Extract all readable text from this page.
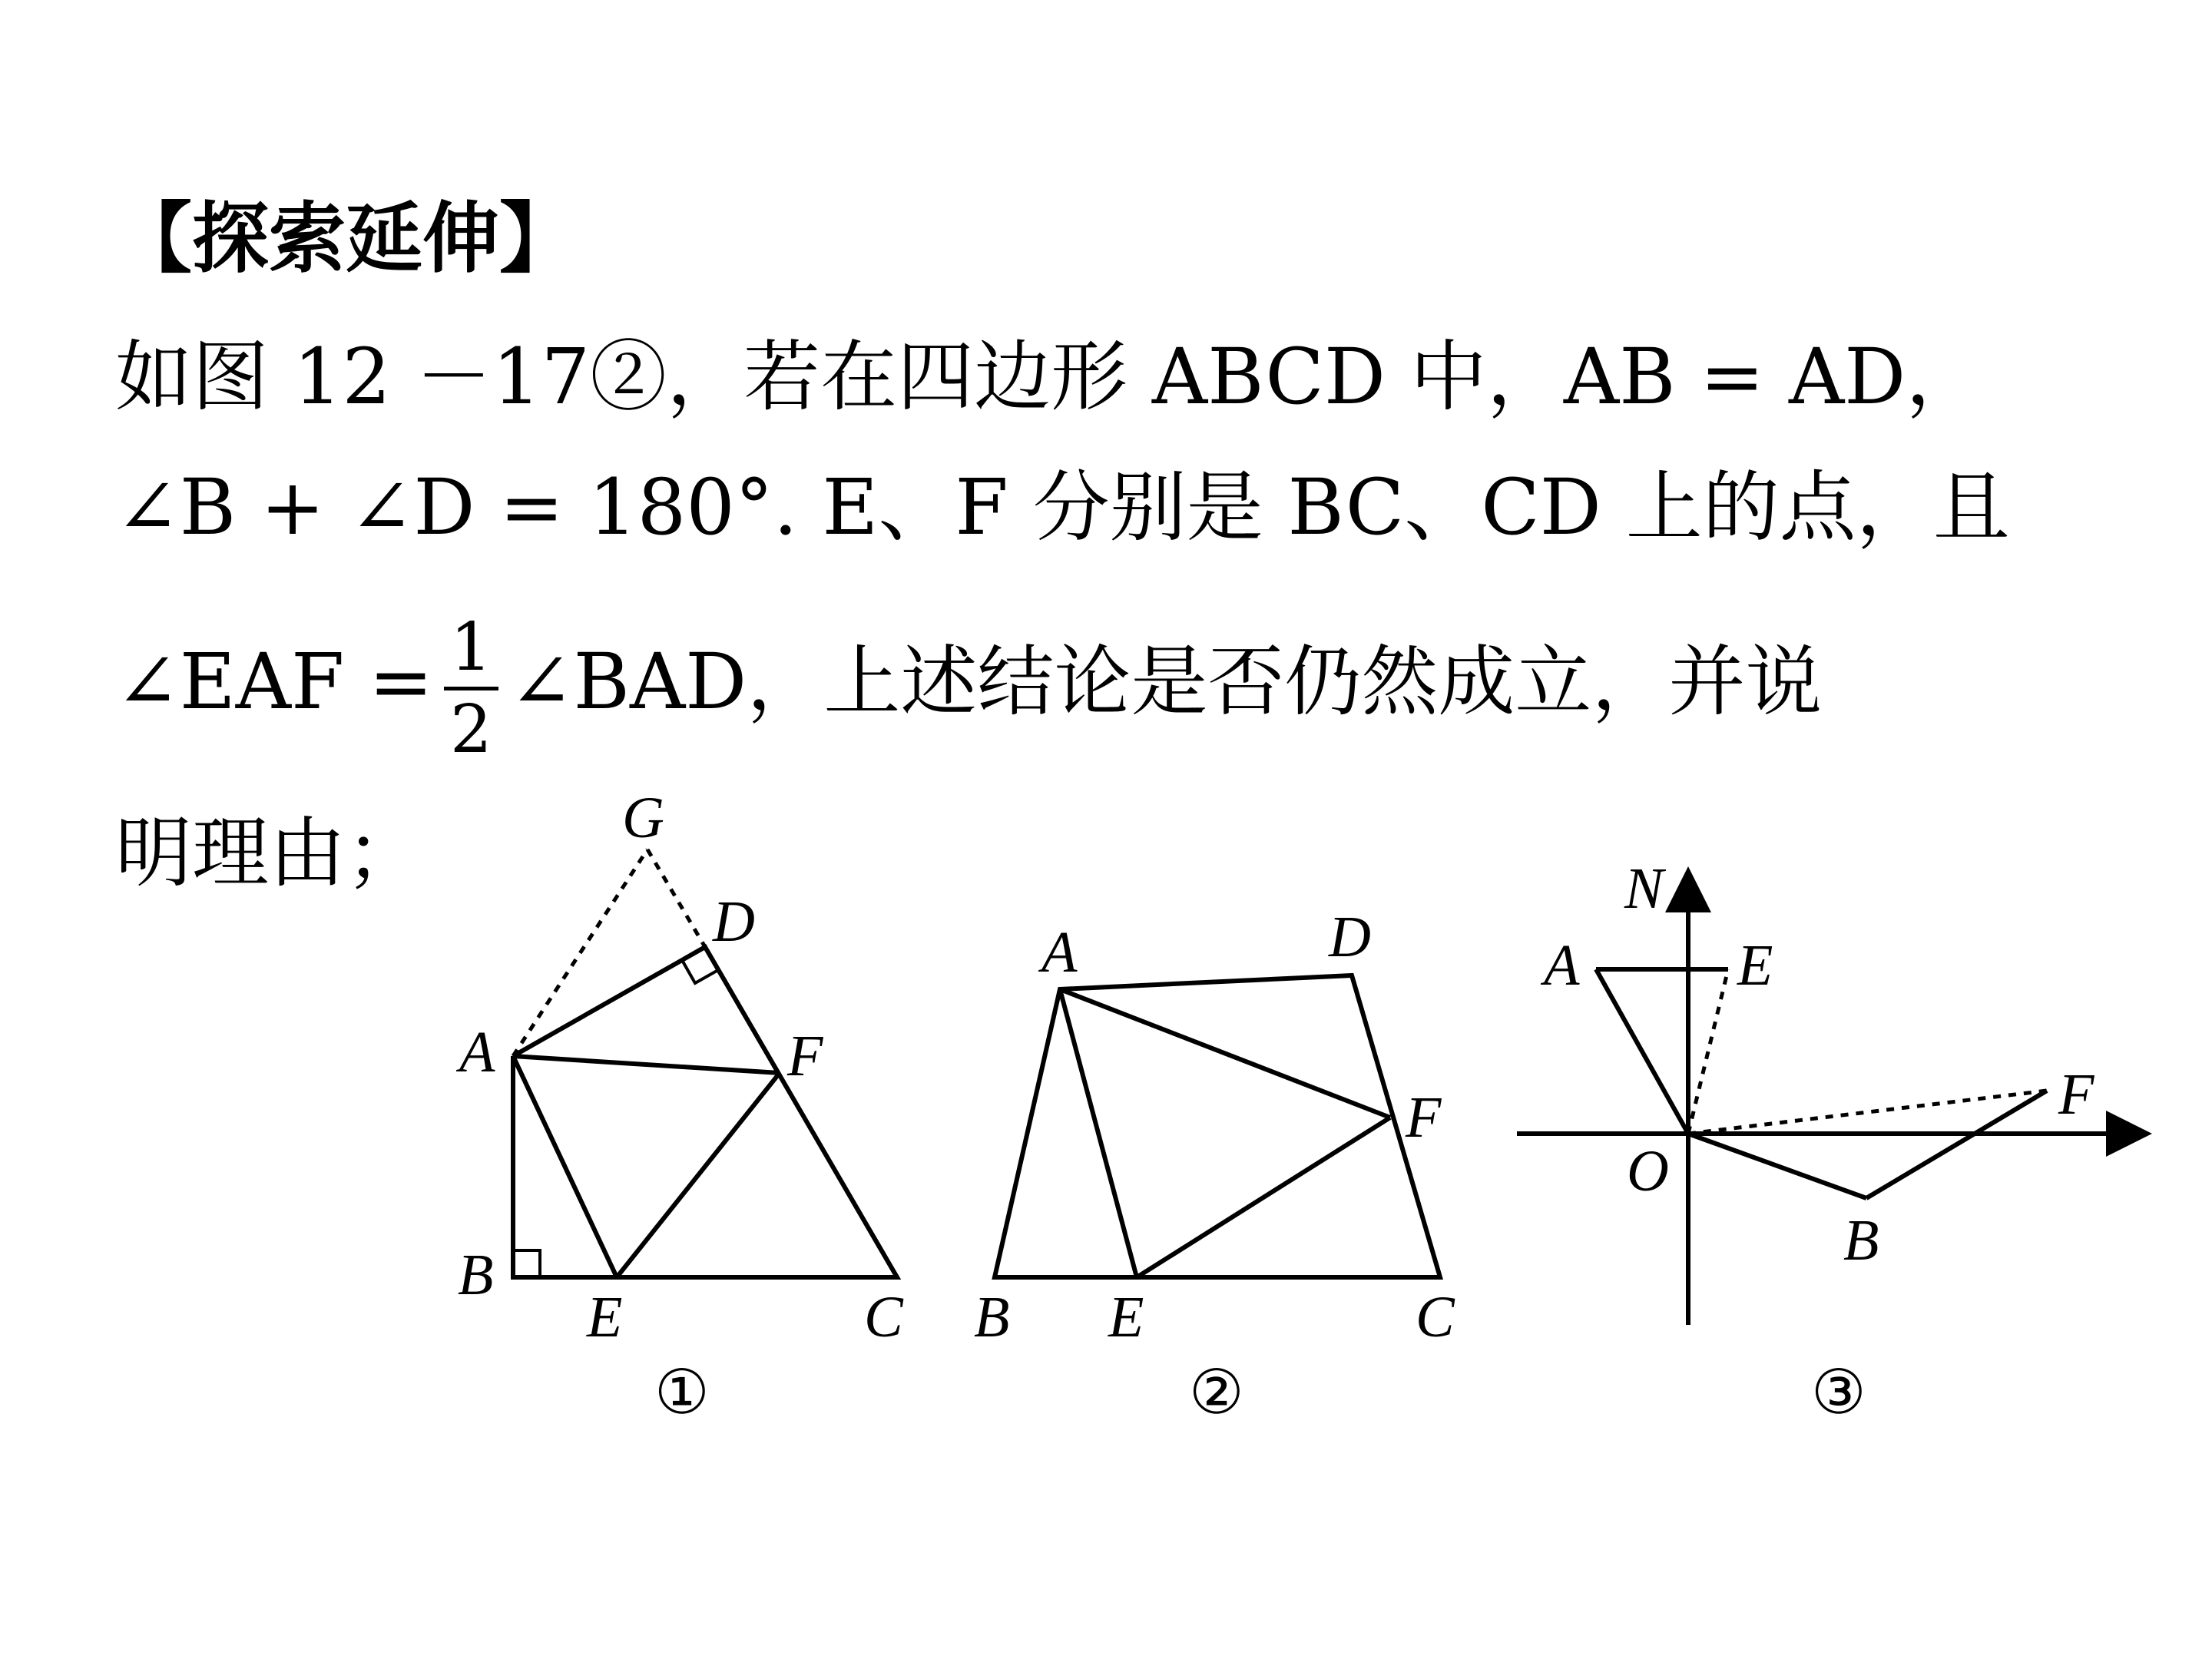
【探索延伸】
如图 12 －17②，若在四边形 ABCD 中，AB = AD，
∠B + ∠D = 180°. E、F 分别是 BC、CD 上的点，且
∠EAF = $\frac{1}{2}$ ∠BAD，上述结论是否仍然成立，并说
明理由；	G
D
A	F
B
E	C
①
A	D
F
B E	C
②
N
A	E
F
O
B
③
